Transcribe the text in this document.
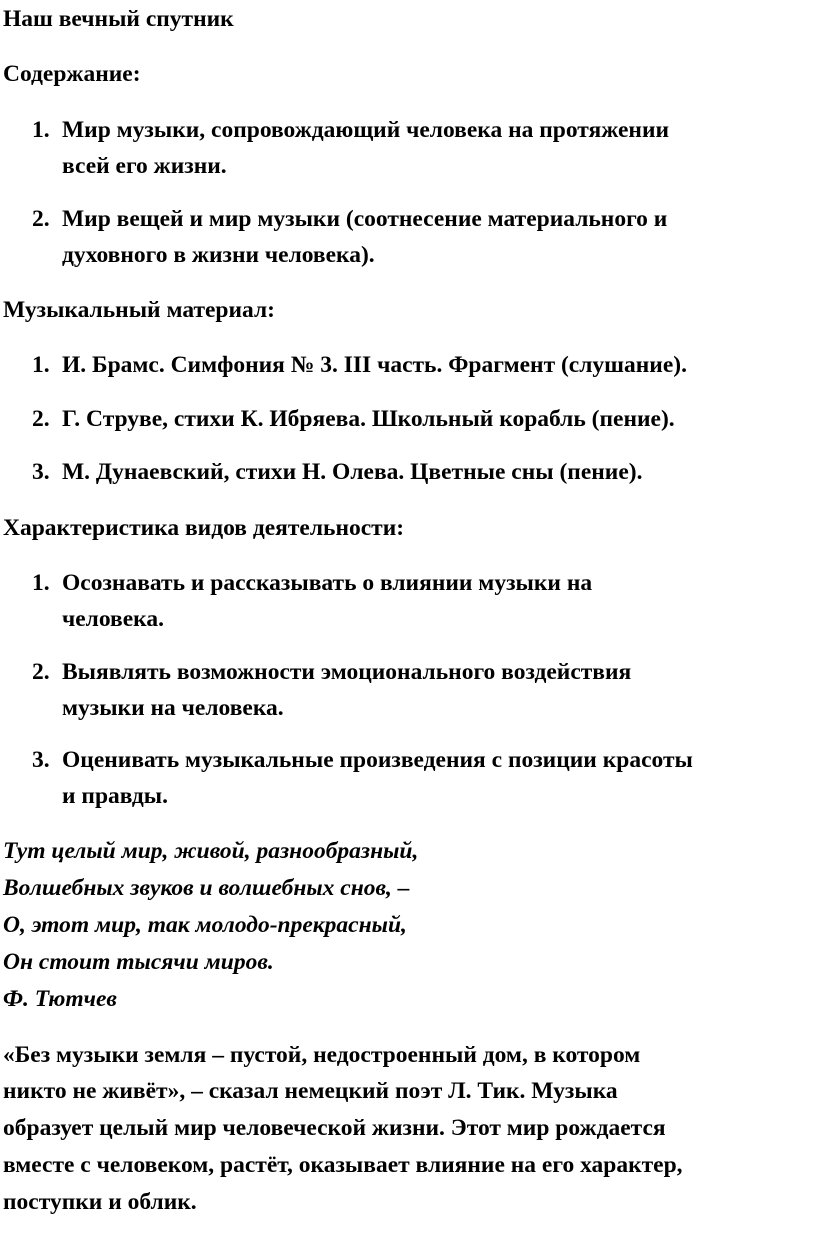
Наш вечный спутник
Содержание:
1. Мир музыки, сопровождающий человека на протяжении
всей его жизни.
2. Мир вещей и мир музыки (соотнесение материального и
духовного в жизни человека).
Музыкальный материал:
1. И. Брамс. Симфония № 3. III часть. Фрагмент (слушание).
2. Г. Струве, стихи К. Ибряева. Школьный корабль (пение).
3. М. Дунаевский, стихи Н. Олева. Цветные сны (пение).
Характеристика видов деятельности:
1. Осознавать и рассказывать о влиянии музыки на
человека.
2. Выявлять возможности эмоционального воздействия
музыки на человека.
3. Оценивать музыкальные произведения с позиции красоты
и правды.
Тут целый мир, живой, разнообразный,
Волшебных звуков и волшебных снов, –
О, этот мир, так молодо-прекрасный,
Он стоит тысячи миров.
Ф. Тютчев
«Без музыки земля – пустой, недостроенный дом, в котором
никто не живёт», – сказал немецкий поэт Л. Тик. Музыка
образует целый мир человеческой жизни. Этот мир рождается
вместе с человеком, растёт, оказывает влияние на его характер,
поступки и облик.
